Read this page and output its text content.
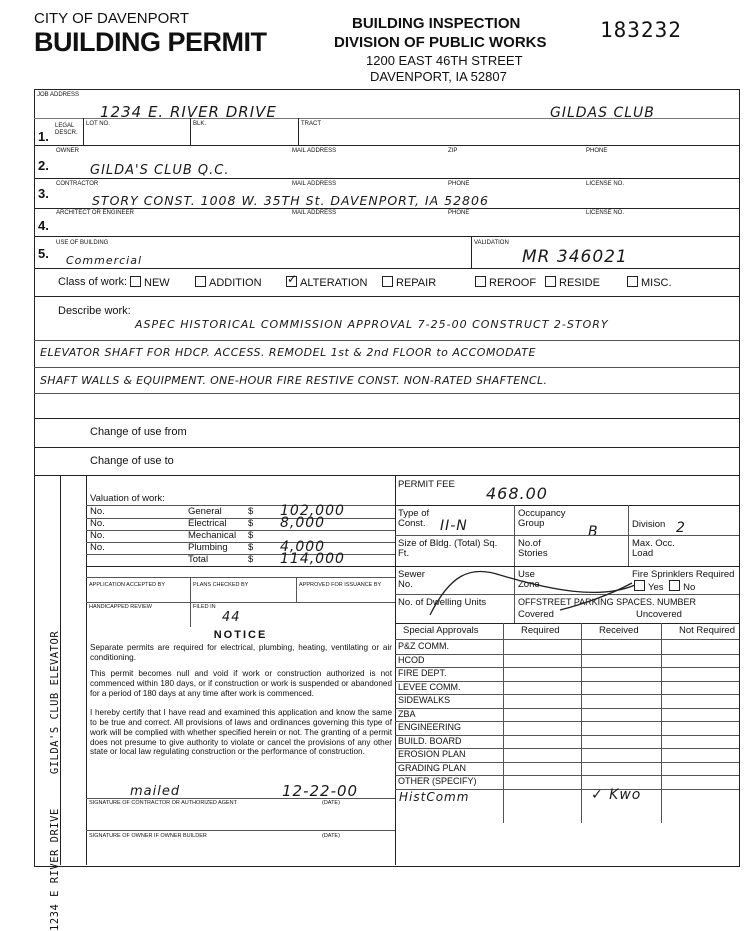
CITY OF DAVENPORT
BUILDING PERMIT
BUILDING INSPECTION
DIVISION OF PUBLIC WORKS
1200 EAST 46TH STREET
DAVENPORT, IA 52807
183232
JOB ADDRESS
1234 E. RIVER DRIVE	GILDAS CLUB
1.
LEGAL DESCR.
LOT NO.	BLK.	TRACT
OWNER
2.	GILDA'S CLUB Q.C.
MAIL ADDRESS	ZIP	PHONE
CONTRACTOR
3.
MAIL ADDRESS	PHONE	LICENSE NO.
STORY CONST. 1008 W. 35TH St. DAVENPORT, IA 52806
ARCHITECT OR ENGINEER
4.
MAIL ADDRESS	PHONE	LICENSE NO.
USE OF BUILDING
5. Commercial
VALIDATION
MR 346021
Class of work:	NEW	ADDITION
✓	ALTERATION	REPAIR	REROOF	RESIDE	MISC.
Describe work:
ASPEC HISTORICAL COMMISSION APPROVAL 7-25-00 CONSTRUCT 2-STORY
ELEVATOR SHAFT FOR HDCP. ACCESS. REMODEL 1st & 2nd FLOOR to ACCOMODATE
SHAFT WALLS & EQUIPMENT. ONE-HOUR FIRE RESTIVE CONST. NON-RATED SHAFTENCL.
Change of use from
Change of use to
1234 E RIVER DRIVE     GILDA'S CLUB ELEVATOR
Valuation of work:
No.	General	$ 102,000
No.	Electrical $ 8,000
No.	Mechanical $
No.	Plumbing $ 4,000
Total	$ 114,000
PERMIT FEE 468.00
Type of Const.	II-N
Occupancy Group
B	Division 2
Size of Bldg. (Total) Sq. Ft.
No.of Stories
Max. Occ. Load
Sewer No.
Use Zone
Fire Sprinklers Required Yes No
No. of Dwelling Units	OFFSTREET PARKING SPACES. NUMBER
Covered	Uncovered
Special Approvals	Required	Received	Not Required
P&Z COMM.
HCOD
FIRE DEPT.
LEVEE COMM.
SIDEWALKS
ZBA
ENGINEERING
BUILD. BOARD
EROSION PLAN
GRADING PLAN
OTHER (SPECIFY)
HistComm	✓ Kwo
APPLICATION ACCEPTED BY	PLANS CHECKED BY	APPROVED FOR ISSUANCE BY
HANDICAPPED REVIEW	FILED IN
44
NOTICE
Separate permits are required for electrical, plumbing, heating, ventilating or air conditioning.
This permit becomes null and void if work or construction authorized is not commenced within 180 days, or if construction or work is suspended or abandoned for a period of 180 days at any time after work is commenced.
I hereby certify that I have read and examined this application and know the same to be true and correct. All provisions of laws and ordinances governing this type of work will be complied with whether specified herein or not. The granting of a permit does not presume to give authority to violate or cancel the provisions of any other state or local law regulating construction or the performance of construction.
mailed	12-22-00
SIGNATURE OF CONTRACTOR OR AUTHORIZED AGENT	(DATE)
SIGNATURE OF OWNER IF OWNER BUILDER	(DATE)
